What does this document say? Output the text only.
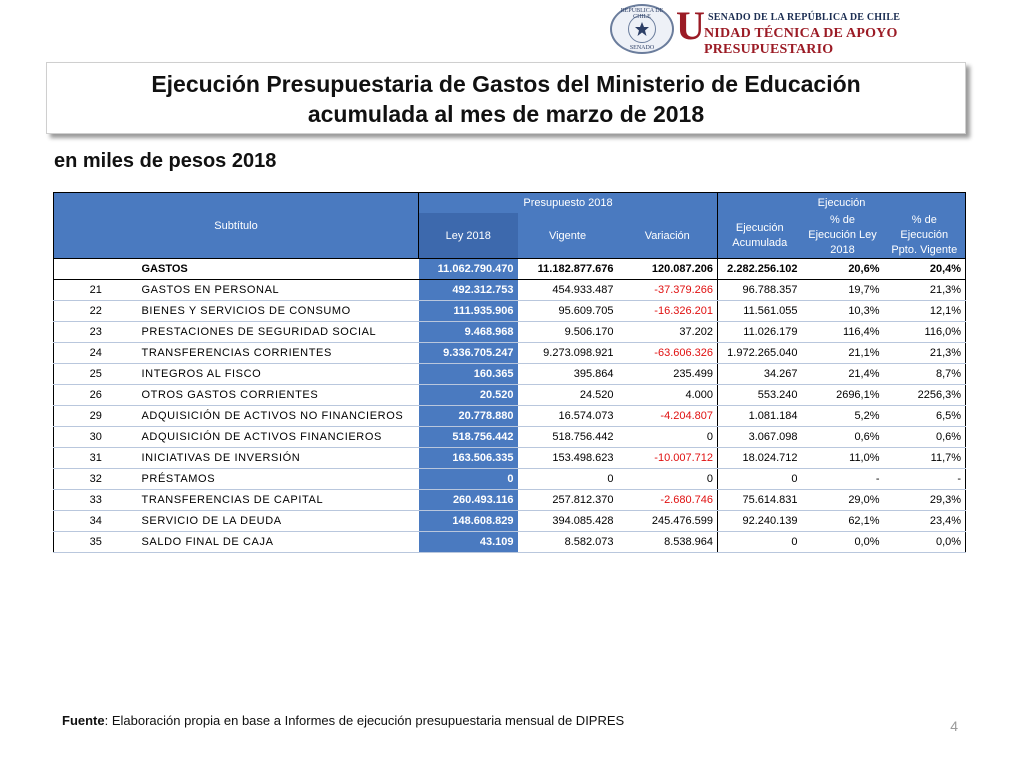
REPÚBLICA DE CHILE
SENADO U SENADO DE LA REPÚBLICA DE CHILE
NIDAD TÉCNICA DE APOYO PRESUPUESTARIO
Ejecución Presupuestaria de Gastos del Ministerio de Educación
acumulada al mes de marzo de 2018
en miles de pesos 2018
Subtítulo		Presupuesto 2018			Ejecución		
		Ley 2018	Vigente	Variación	Ejecución Acumulada	% de Ejecución Ley 2018	% de Ejecución Ppto. Vigente
	GASTOS	11.062.790.470	11.182.877.676	120.087.206	2.282.256.102	20,6%	20,4%
21	GASTOS EN PERSONAL	492.312.753	454.933.487	-37.379.266	96.788.357	19,7%	21,3%
22	BIENES Y SERVICIOS DE CONSUMO	111.935.906	95.609.705	-16.326.201	11.561.055	10,3%	12,1%
23	PRESTACIONES DE SEGURIDAD SOCIAL	9.468.968	9.506.170	37.202	11.026.179	116,4%	116,0%
24	TRANSFERENCIAS CORRIENTES	9.336.705.247	9.273.098.921	-63.606.326	1.972.265.040	21,1%	21,3%
25	INTEGROS AL FISCO	160.365	395.864	235.499	34.267	21,4%	8,7%
26	OTROS GASTOS CORRIENTES	20.520	24.520	4.000	553.240	2696,1%	2256,3%
29	ADQUISICIÓN DE ACTIVOS NO FINANCIEROS	20.778.880	16.574.073	-4.204.807	1.081.184	5,2%	6,5%
30	ADQUISICIÓN DE ACTIVOS FINANCIEROS	518.756.442	518.756.442	0	3.067.098	0,6%	0,6%
31	INICIATIVAS DE INVERSIÓN	163.506.335	153.498.623	-10.007.712	18.024.712	11,0%	11,7%
32	PRÉSTAMOS	0	0	0	0	-	-
33	TRANSFERENCIAS DE CAPITAL	260.493.116	257.812.370	-2.680.746	75.614.831	29,0%	29,3%
34	SERVICIO DE LA DEUDA	148.608.829	394.085.428	245.476.599	92.240.139	62,1%	23,4%
35	SALDO FINAL DE CAJA	43.109	8.582.073	8.538.964	0	0,0%	0,0%
Fuente: Elaboración propia en base a Informes de ejecución presupuestaria mensual de DIPRES	4
